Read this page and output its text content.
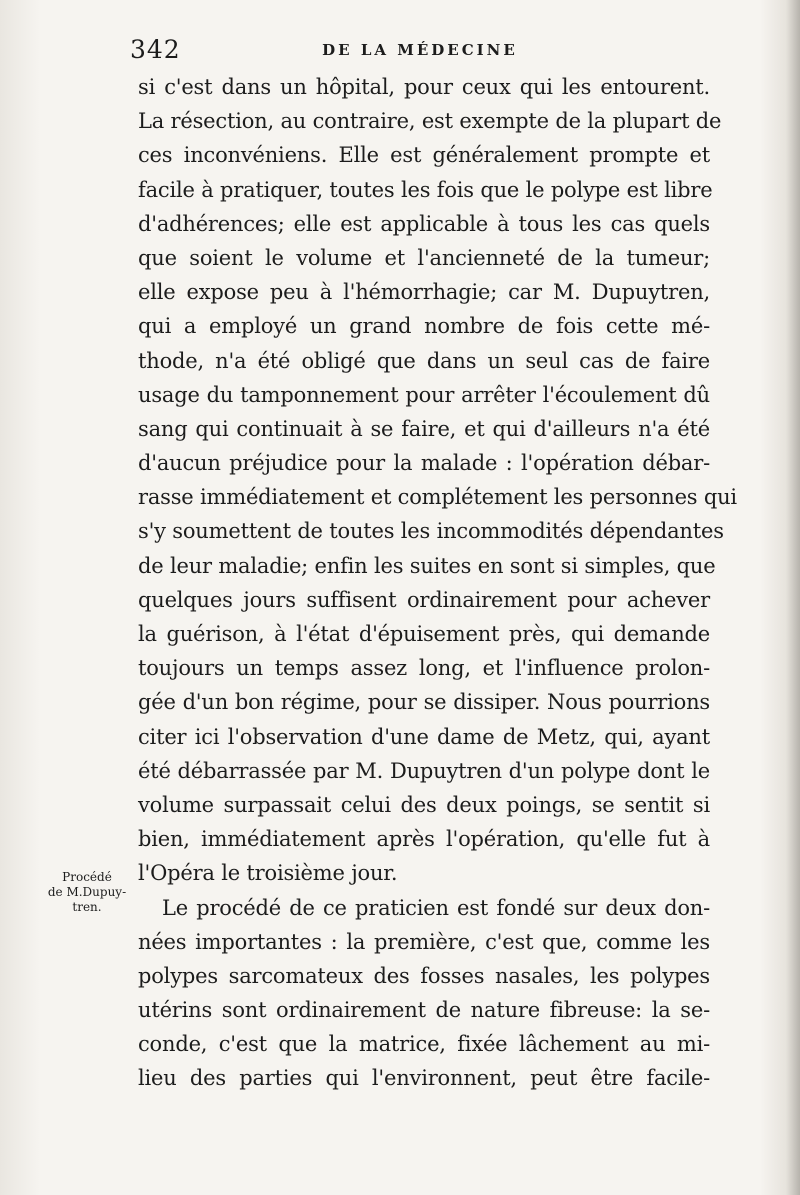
342	DE LA MÉDECINE
si c'est dans un hôpital, pour ceux qui les entourent.
La résection, au contraire, est exempte de la plupart de
ces inconvéniens. Elle est généralement prompte et
facile à pratiquer, toutes les fois que le polype est libre
d'adhérences; elle est applicable à tous les cas quels
que soient le volume et l'ancienneté de la tumeur;
elle expose peu à l'hémorrhagie; car M. Dupuytren,
qui a employé un grand nombre de fois cette mé-
thode, n'a été obligé que dans un seul cas de faire
usage du tamponnement pour arrêter l'écoulement dû
sang qui continuait à se faire, et qui d'ailleurs n'a été
d'aucun préjudice pour la malade : l'opération débar-
rasse immédiatement et complétement les personnes qui
s'y soumettent de toutes les incommodités dépendantes
de leur maladie; enfin les suites en sont si simples, que
quelques jours suffisent ordinairement pour achever
la guérison, à l'état d'épuisement près, qui demande
toujours un temps assez long, et l'influence prolon-
gée d'un bon régime, pour se dissiper. Nous pourrions
citer ici l'observation d'une dame de Metz, qui, ayant
été débarrassée par M. Dupuytren d'un polype dont le
volume surpassait celui des deux poings, se sentit si
bien, immédiatement après l'opération, qu'elle fut à
l'Opéra le troisième jour.
Le procédé de ce praticien est fondé sur deux don-
nées importantes : la première, c'est que, comme les
polypes sarcomateux des fosses nasales, les polypes
utérins sont ordinairement de nature fibreuse: la se-
conde, c'est que la matrice, fixée lâchement au mi-
lieu des parties qui l'environnent, peut être facile-
Procédé
de M.Dupuy-
tren.
